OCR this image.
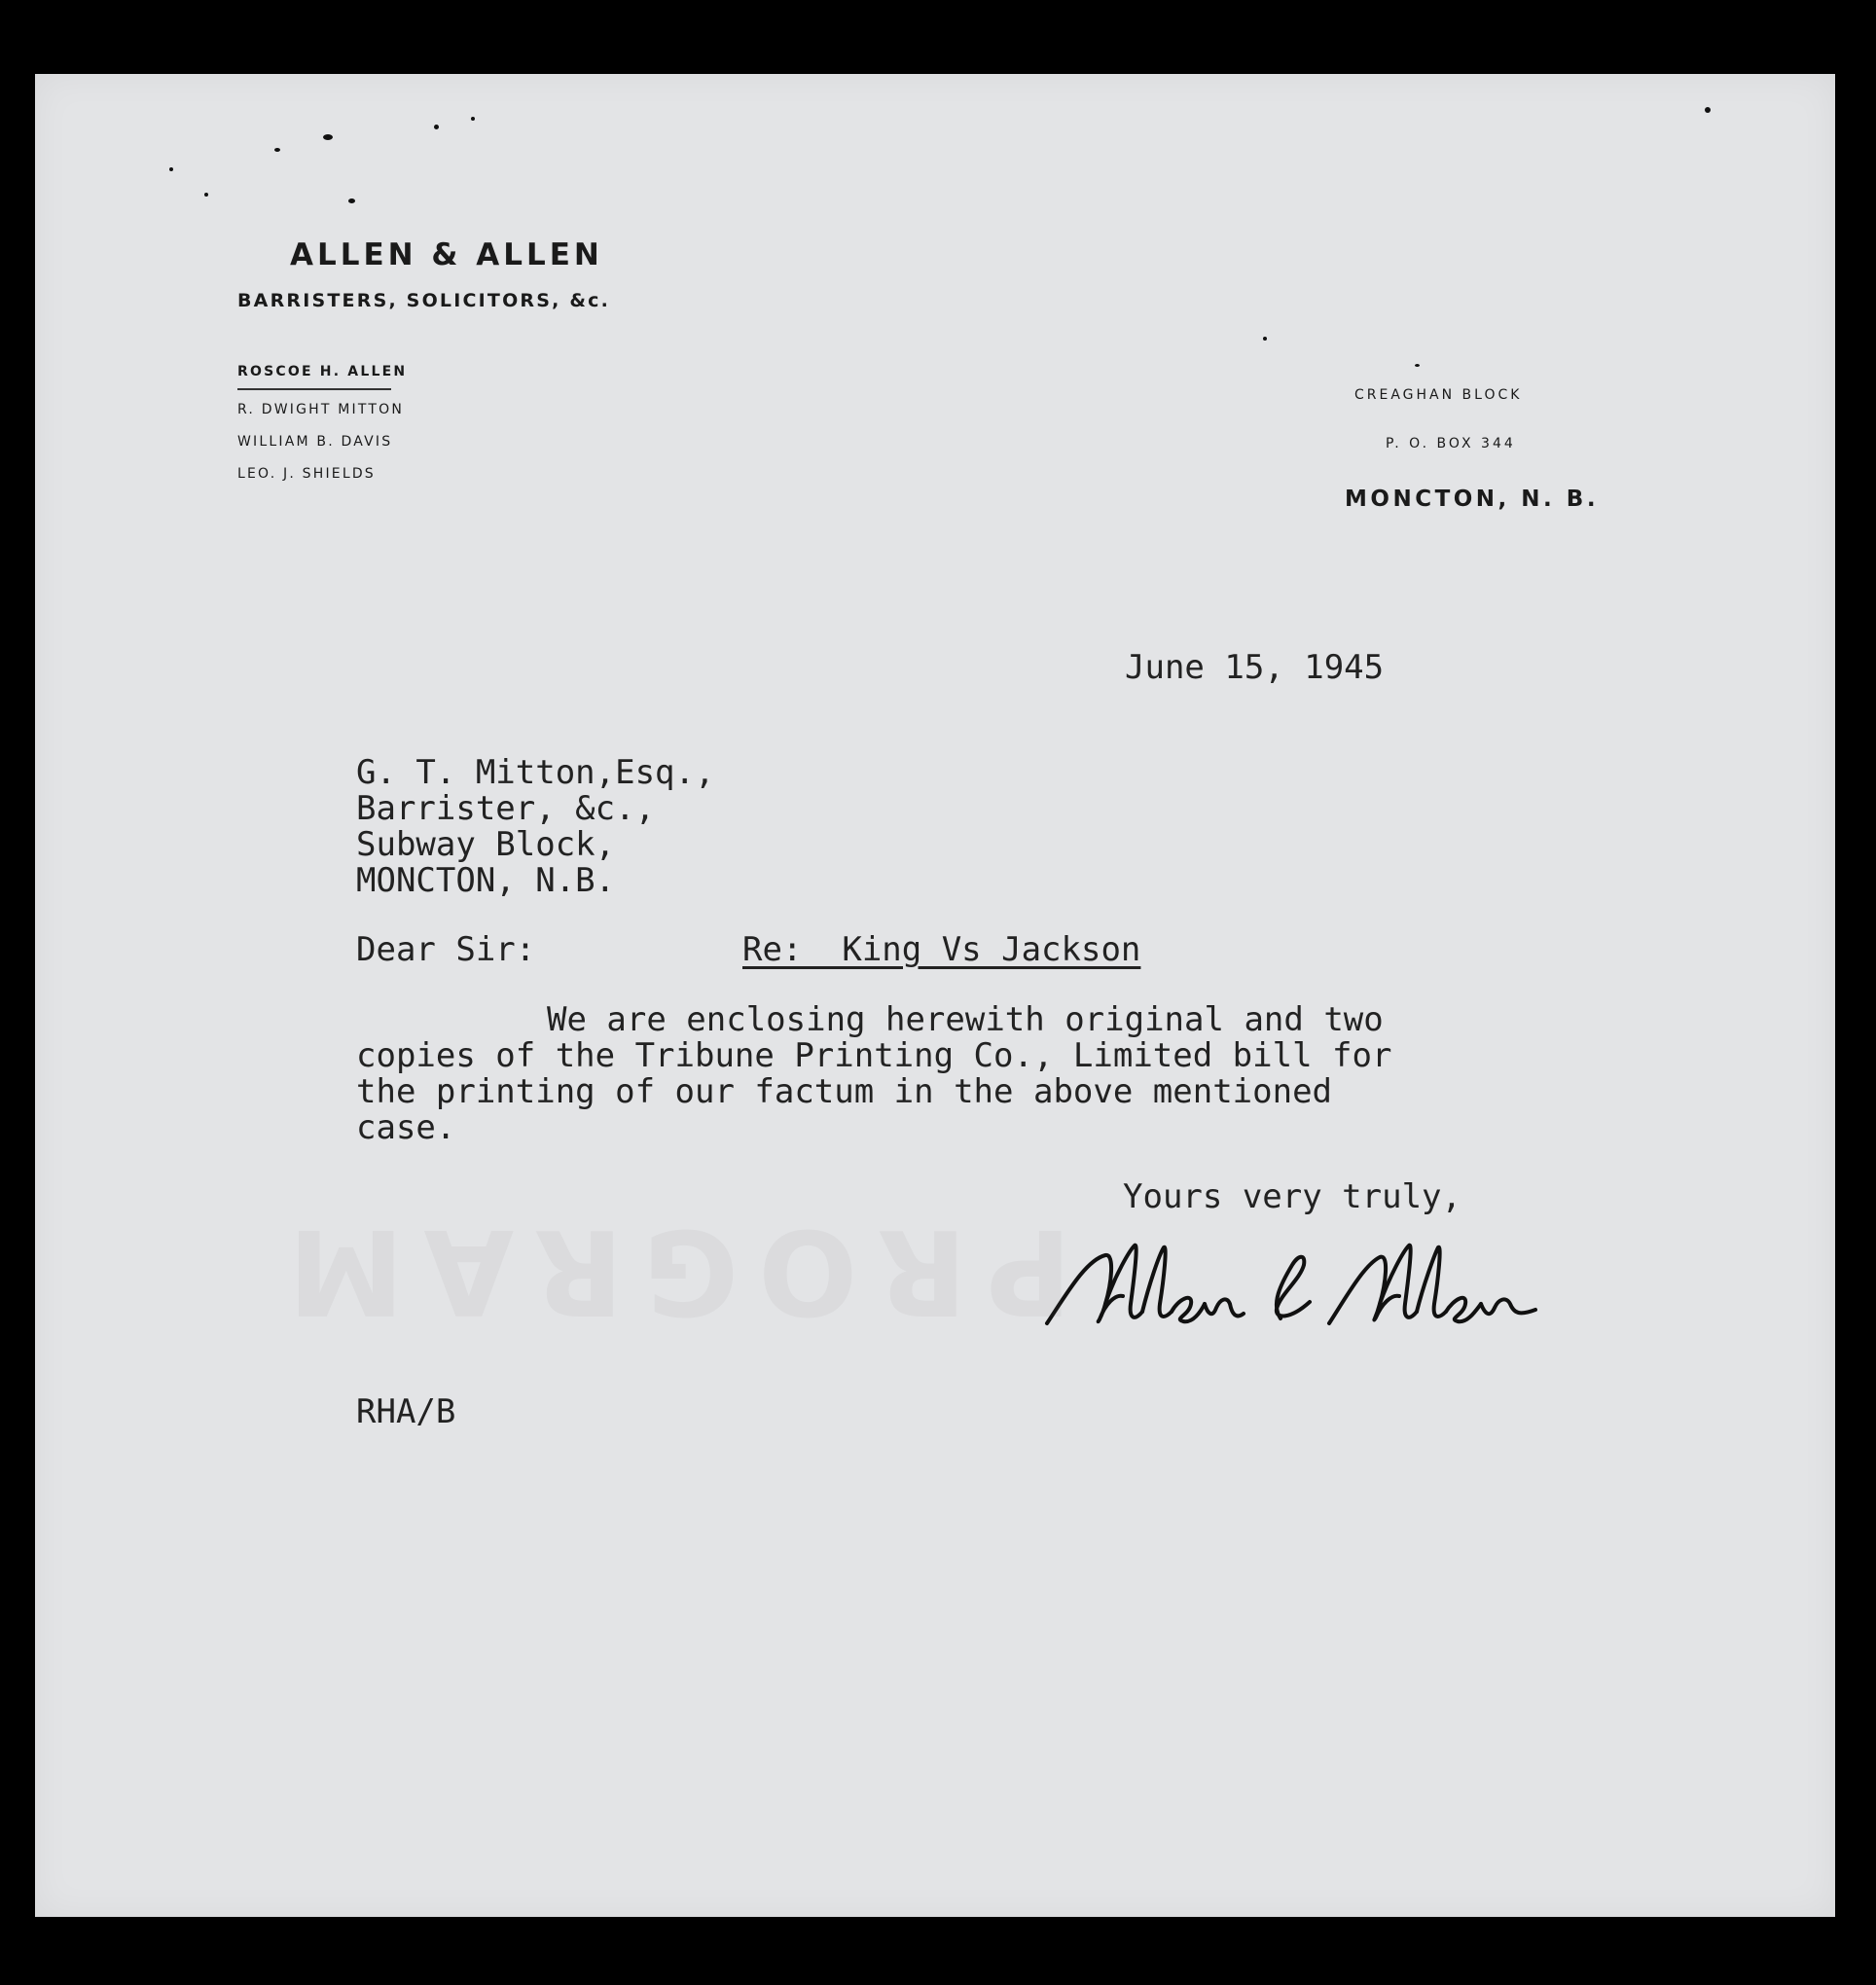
ALLEN & ALLEN
BARRISTERS, SOLICITORS, &c.
ROSCOE H. ALLEN
R. DWIGHT MITTON
WILLIAM B. DAVIS
LEO. J. SHIELDS
CREAGHAN BLOCK
P. O. BOX 344
MONCTON, N. B.
June 15, 1945
G. T. Mitton,Esq.,
Barrister, &c.,
Subway Block,
MONCTON, N.B.
Dear Sir:	Re:  King Vs Jackson
We are enclosing herewith original and two
copies of the Tribune Printing Co., Limited bill for
the printing of our factum in the above mentioned
case.
Yours very truly,
RHA/B
PROGRAM
